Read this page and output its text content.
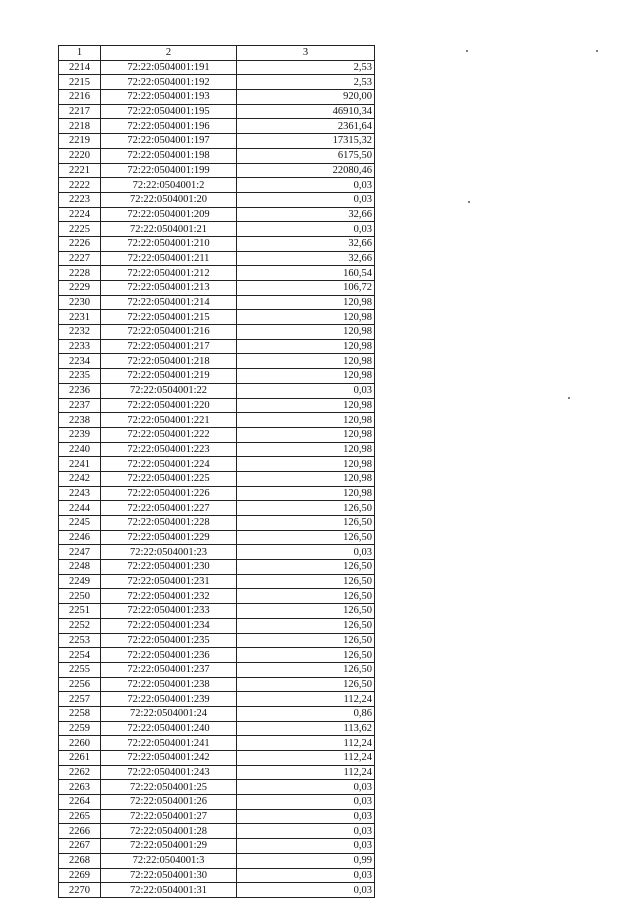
1	2	3
2214	72:22:0504001:191	2,53
2215	72:22:0504001:192	2,53
2216	72:22:0504001:193	920,00
2217	72:22:0504001:195	46910,34
2218	72:22:0504001:196	2361,64
2219	72:22:0504001:197	17315,32
2220	72:22:0504001:198	6175,50
2221	72:22:0504001:199	22080,46
2222	72:22:0504001:2	0,03
2223	72:22:0504001:20	0,03
2224	72:22:0504001:209	32,66
2225	72:22:0504001:21	0,03
2226	72:22:0504001:210	32,66
2227	72:22:0504001:211	32,66
2228	72:22:0504001:212	160,54
2229	72:22:0504001:213	106,72
2230	72:22:0504001:214	120,98
2231	72:22:0504001:215	120,98
2232	72:22:0504001:216	120,98
2233	72:22:0504001:217	120,98
2234	72:22:0504001:218	120,98
2235	72:22:0504001:219	120,98
2236	72:22:0504001:22	0,03
2237	72:22:0504001:220	120,98
2238	72:22:0504001:221	120,98
2239	72:22:0504001:222	120,98
2240	72:22:0504001:223	120,98
2241	72:22:0504001:224	120,98
2242	72:22:0504001:225	120,98
2243	72:22:0504001:226	120,98
2244	72:22:0504001:227	126,50
2245	72:22:0504001:228	126,50
2246	72:22:0504001:229	126,50
2247	72:22:0504001:23	0,03
2248	72:22:0504001:230	126,50
2249	72:22:0504001:231	126,50
2250	72:22:0504001:232	126,50
2251	72:22:0504001:233	126,50
2252	72:22:0504001:234	126,50
2253	72:22:0504001:235	126,50
2254	72:22:0504001:236	126,50
2255	72:22:0504001:237	126,50
2256	72:22:0504001:238	126,50
2257	72:22:0504001:239	112,24
2258	72:22:0504001:24	0,86
2259	72:22:0504001:240	113,62
2260	72:22:0504001:241	112,24
2261	72:22:0504001:242	112,24
2262	72:22:0504001:243	112,24
2263	72:22:0504001:25	0,03
2264	72:22:0504001:26	0,03
2265	72:22:0504001:27	0,03
2266	72:22:0504001:28	0,03
2267	72:22:0504001:29	0,03
2268	72:22:0504001:3	0,99
2269	72:22:0504001:30	0,03
2270	72:22:0504001:31	0,03
